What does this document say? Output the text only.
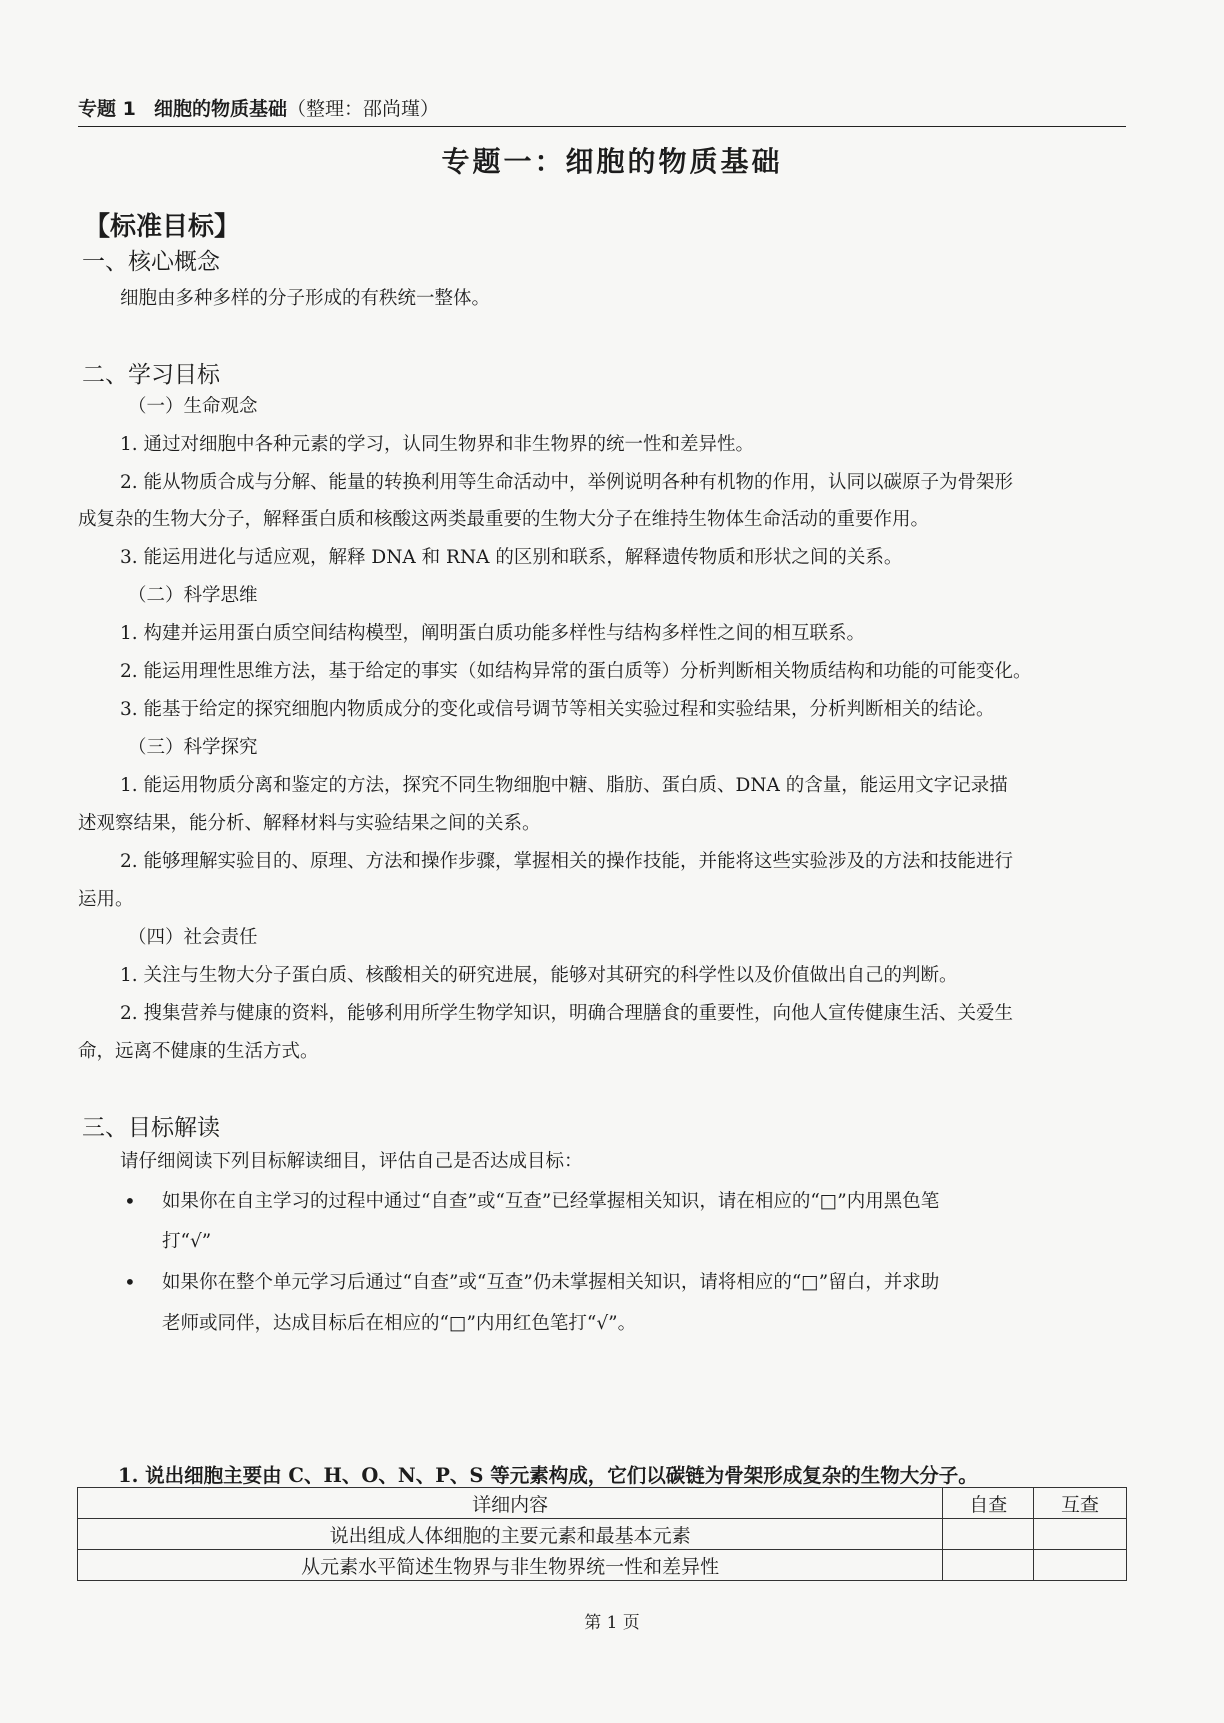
专题 1 细胞的物质基础（整理：邵尚瑾）
专题一：细胞的物质基础
【标准目标】
一、核心概念
细胞由多种多样的分子形成的有秩统一整体。
二、学习目标
（一）生命观念
1. 通过对细胞中各种元素的学习，认同生物界和非生物界的统一性和差异性。
2. 能从物质合成与分解、能量的转换利用等生命活动中，举例说明各种有机物的作用，认同以碳原子为骨架形
成复杂的生物大分子，解释蛋白质和核酸这两类最重要的生物大分子在维持生物体生命活动的重要作用。
3. 能运用进化与适应观，解释 DNA 和 RNA 的区别和联系，解释遗传物质和形状之间的关系。
（二）科学思维
1. 构建并运用蛋白质空间结构模型，阐明蛋白质功能多样性与结构多样性之间的相互联系。
2. 能运用理性思维方法，基于给定的事实（如结构异常的蛋白质等）分析判断相关物质结构和功能的可能变化。
3. 能基于给定的探究细胞内物质成分的变化或信号调节等相关实验过程和实验结果，分析判断相关的结论。
（三）科学探究
1. 能运用物质分离和鉴定的方法，探究不同生物细胞中糖、脂肪、蛋白质、DNA 的含量，能运用文字记录描
述观察结果，能分析、解释材料与实验结果之间的关系。
2. 能够理解实验目的、原理、方法和操作步骤，掌握相关的操作技能，并能将这些实验涉及的方法和技能进行
运用。
（四）社会责任
1. 关注与生物大分子蛋白质、核酸相关的研究进展，能够对其研究的科学性以及价值做出自己的判断。
2. 搜集营养与健康的资料，能够利用所学生物学知识，明确合理膳食的重要性，向他人宣传健康生活、关爱生
命，远离不健康的生活方式。
三、目标解读
请仔细阅读下列目标解读细目，评估自己是否达成目标：
• 如果你在自主学习的过程中通过“自查”或“互查”已经掌握相关知识，请在相应的“□”内用黑色笔
打“√”
• 如果你在整个单元学习后通过“自查”或“互查”仍未掌握相关知识，请将相应的“□”留白，并求助
老师或同伴，达成目标后在相应的“□”内用红色笔打“√”。
1. 说出细胞主要由 C、H、O、N、P、S 等元素构成，它们以碳链为骨架形成复杂的生物大分子。
详细内容	自查	互查
说出组成人体细胞的主要元素和最基本元素		
从元素水平简述生物界与非生物界统一性和差异性		
第 1 页
